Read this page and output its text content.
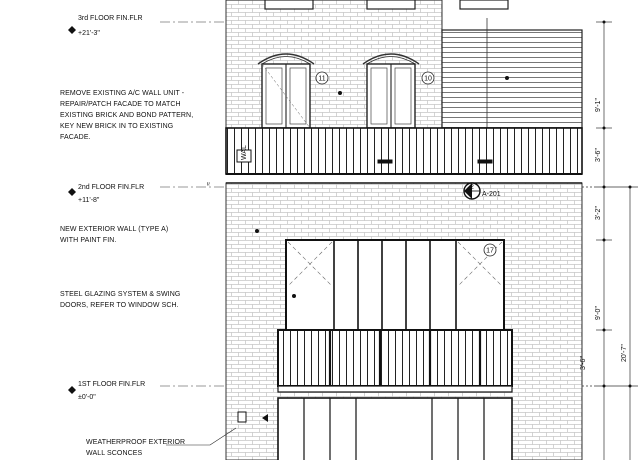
11	10
2
A-201
17
3rd FLOOR FIN.FLR
+21'-3"
2nd FLOOR FIN.FLR
+11'-8"
1ST FLOOR FIN.FLR
±0'-0"
≈
REMOVE EXISTING A/C WALL UNIT -
REPAIR/PATCH FACADE TO MATCH
EXISTING BRICK AND BOND PATTERN,
KEY NEW BRICK IN TO EXISTING
FACADE.
NEW EXTERIOR WALL (TYPE A)
WITH PAINT FIN.
STEEL GLAZING SYSTEM & SWING
DOORS, REFER TO WINDOW SCH.
WEATHERPROOF EXTERIOR
WALL SCONCES
9'-1"
3'-6"
3'-2"
9'-0"
3'-6"
20'-7"
WAL
